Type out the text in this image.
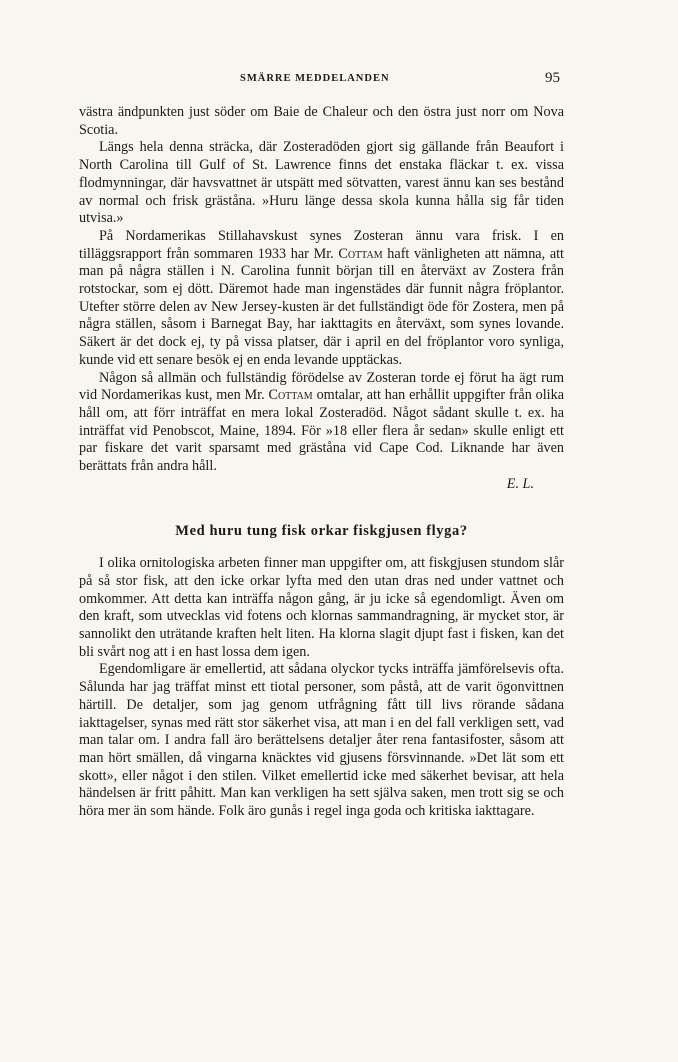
SMÄRRE MEDDELANDEN	95

västra ändpunkten just söder om Baie de Chaleur och den östra just norr om Nova Scotia.

Längs hela denna sträcka, där Zosteradöden gjort sig gällande från Beaufort i North Carolina till Gulf of St. Lawrence finns det enstaka fläckar t. ex. vissa flodmynningar, där havsvattnet är utspätt med sötvatten, varest ännu kan ses bestånd av normal och frisk gräståna. »Huru länge dessa skola kunna hålla sig får tiden utvisa.»

På Nordamerikas Stillahavskust synes Zosteran ännu vara frisk. I en tilläggsrapport från sommaren 1933 har Mr. Cottam haft vänligheten att nämna, att man på några ställen i N. Carolina funnit början till en återväxt av Zostera från rotstockar, som ej dött. Däremot hade man ingenstädes där funnit några fröplantor. Utefter större delen av New Jersey-kusten är det fullständigt öde för Zostera, men på några ställen, såsom i Barnegat Bay, har iakttagits en återväxt, som synes lovande. Säkert är det dock ej, ty på vissa platser, där i april en del fröplantor voro synliga, kunde vid ett senare besök ej en enda levande upptäckas.

Någon så allmän och fullständig förödelse av Zosteran torde ej förut ha ägt rum vid Nordamerikas kust, men Mr. Cottam omtalar, att han erhållit uppgifter från olika håll om, att förr inträffat en mera lokal Zosteradöd. Något sådant skulle t. ex. ha inträffat vid Penobscot, Maine, 1894. För »18 eller flera år sedan» skulle enligt ett par fiskare det varit sparsamt med gräståna vid Cape Cod. Liknande har även berättats från andra håll.

E. L.

Med huru tung fisk orkar fiskgjusen flyga?

I olika ornitologiska arbeten finner man uppgifter om, att fiskgjusen stundom slår på så stor fisk, att den icke orkar lyfta med den utan dras ned under vattnet och omkommer. Att detta kan inträffa någon gång, är ju icke så egendomligt. Även om den kraft, som utvecklas vid fotens och klornas sammandragning, är mycket stor, är sannolikt den uträtande kraften helt liten. Ha klorna slagit djupt fast i fisken, kan det bli svårt nog att i en hast lossa dem igen.

Egendomligare är emellertid, att sådana olyckor tycks inträffa jämförelsevis ofta. Sålunda har jag träffat minst ett tiotal personer, som påstå, att de varit ögonvittnen härtill. De detaljer, som jag genom utfrågning fått till livs rörande sådana iakttagelser, synas med rätt stor säkerhet visa, att man i en del fall verkligen sett, vad man talar om. I andra fall äro berättelsens detaljer åter rena fantasifoster, såsom att man hört smällen, då vingarna knäcktes vid gjusens försvinnande. »Det lät som ett skott», eller något i den stilen. Vilket emellertid icke med säkerhet bevisar, att hela händelsen är fritt påhitt. Man kan verkligen ha sett själva saken, men trott sig se och höra mer än som hände. Folk äro gunås i regel inga goda och kritiska iakttagare.
